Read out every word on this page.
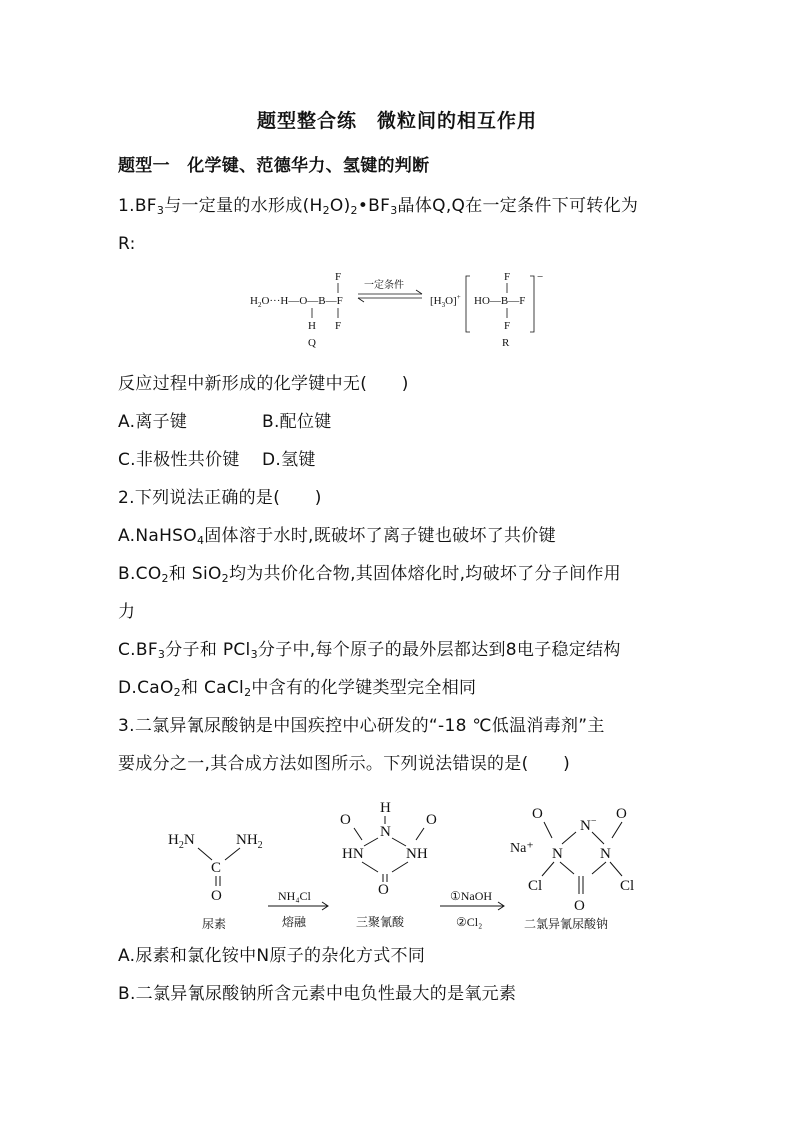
题型整合练　微粒间的相互作用
题型一　化学键、范德华力、氢键的判断
$1.BF_3$与一定量的水形成$(H_2O)_2•BF_3$晶体Q,Q在一定条件下可转化为
R:
$H_2O\cdot\cdot\cdot H—O—B—F$
F
F
H
Q
一定条件
$[H_3O]^+$ HO—B—F
F
F
−
R
反应过程中新形成的化学键中无(　　)
A.离子键	B.配位键
C.非极性共价键 D.氢键
2.下列说法正确的是(　　)
A.NaHSO$_4$固体溶于水时,既破坏了离子键也破坏了共价键
$B.CO_2$和 SiO$_2$均为共价化合物,其固体熔化时,均破坏了分子间作用
力
$C.BF_3$分子和 PCl$_3$分子中,每个原子的最外层都达到8电子稳定结构
D.CaO$_2$和 CaCl$_2$中含有的化学键类型完全相同
3.二氯异氰尿酸钠是中国疾控中心研发的“-18 ℃低温消毒剂”主
要成分之一,其合成方法如图所示。下列说法错误的是(　　)
$H_2N$	$NH_2$
C
O
尿素
NH₄Cl
熔融
H
N
O	O
HN	NH
O
三聚氰酸
①NaOH
②Cl₂
N−
O	O
Na⁺ N N
Cl	Cl
O
二氯异氰尿酸钠
A.尿素和氯化铵中N原子的杂化方式不同
B.二氯异氰尿酸钠所含元素中电负性最大的是氧元素
